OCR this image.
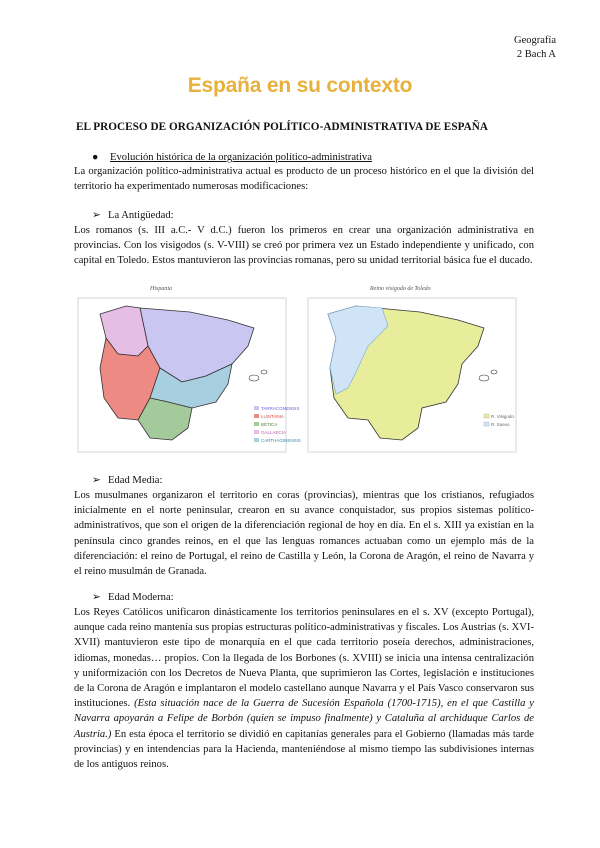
Geografía
2 Bach A
España en su contexto
EL PROCESO DE ORGANIZACIÓN POLÍTICO-ADMINISTRATIVA DE ESPAÑA
● Evolución histórica de la organización político-administrativa
La organización político-administrativa actual es producto de un proceso histórico en el que la división del territorio ha experimentado numerosas modificaciones:
➢ La Antigüedad:
Los romanos (s. III a.C.- V d.C.) fueron los primeros en crear una organización administrativa en provincias. Con los visigodos (s. V-VIII) se creó por primera vez un Estado independiente y unificado, con capital en Toledo. Estos mantuvieron las provincias romanas, pero su unidad territorial básica fue el ducado.
Hispania
TARRACONENSIS
LUSITANIA
BÉTICA
GALLAECIA
CARTHAGINENSIS
Reino visigodo de Toledo
R. Visigodo
R. Suevo
➢ Edad Media:
Los musulmanes organizaron el territorio en coras (provincias), mientras que los cristianos, refugiados inicialmente en el norte peninsular, crearon en su avance conquistador, sus propios sistemas político-administrativos, que son el origen de la diferenciación regional de hoy en día. En el s. XIII ya existían en la península cinco grandes reinos, en el que las lenguas romances actuaban como un ejemplo más de la diferenciación: el reino de Portugal, el reino de Castilla y León, la Corona de Aragón, el reino de Navarra y el reino musulmán de Granada.
➢ Edad Moderna:
Los Reyes Católicos unificaron dinásticamente los territorios peninsulares en el s. XV (excepto Portugal), aunque cada reino mantenía sus propias estructuras político-administrativas y fiscales. Los Austrias (s. XVI-XVII) mantuvieron este tipo de monarquía en el que cada territorio poseía derechos, administraciones, idiomas, monedas… propios. Con la llegada de los Borbones (s. XVIII) se inicia una intensa centralización y uniformización con los Decretos de Nueva Planta, que suprimieron las Cortes, legislación e instituciones de la Corona de Aragón e implantaron el modelo castellano aunque Navarra y el País Vasco conservaron sus instituciones. (Esta situación nace de la Guerra de Sucesión Española (1700-1715), en el que Castilla y Navarra apoyarán a Felipe de Borbón (quien se impuso finalmente) y Cataluña al archiduque Carlos de Austria.) En esta época el territorio se dividió en capitanías generales para el Gobierno (llamadas más tarde provincias) y en intendencias para la Hacienda, manteniéndose al mismo tiempo las subdivisiones internas de los antiguos reinos.
